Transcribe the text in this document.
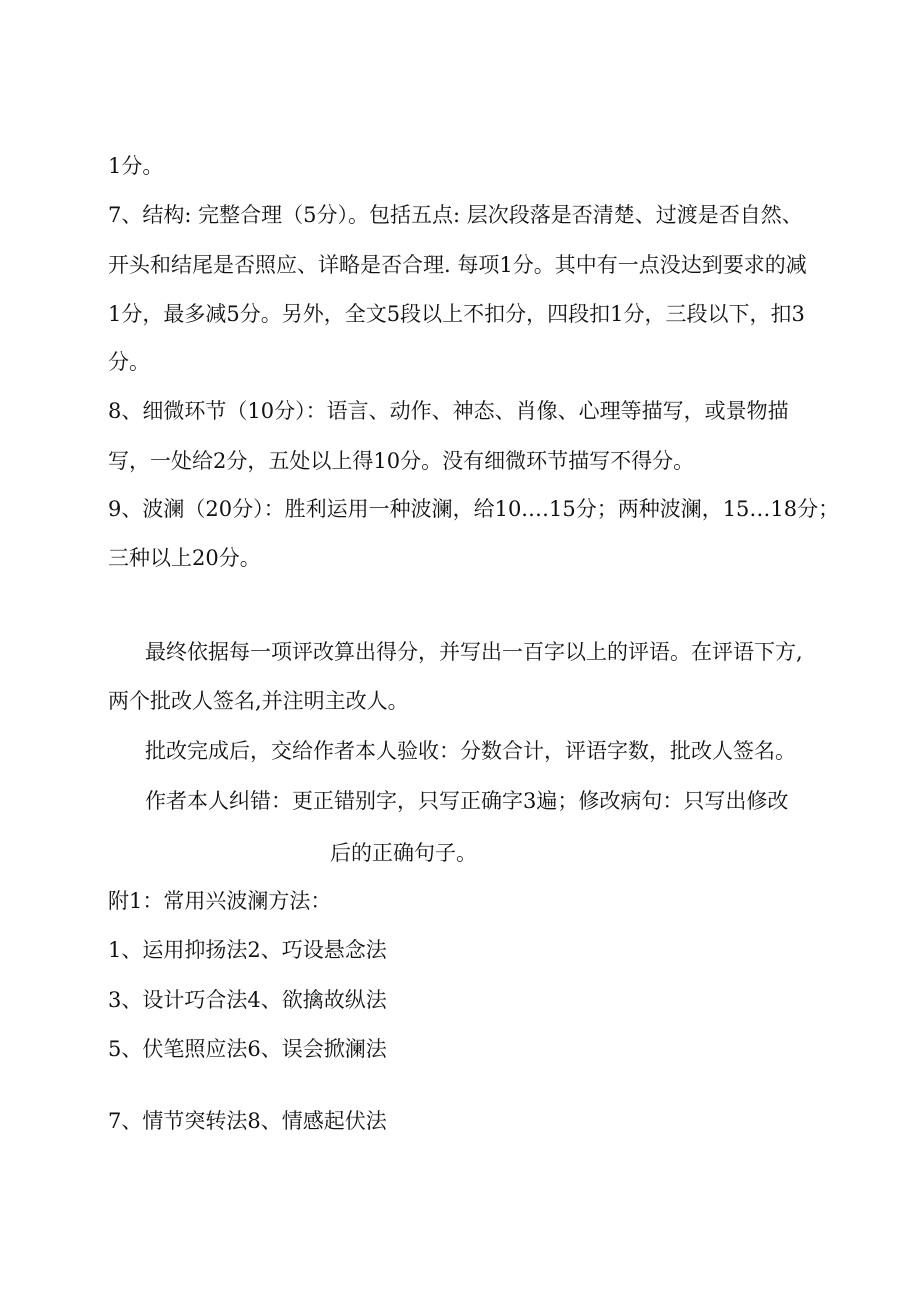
1分。

7、结构: 完整合理（5分）。包括五点: 层次段落是否清楚、过渡是否自然、

开头和结尾是否照应、详略是否合理. 每项1分。其中有一点没达到要求的减

1分，最多减5分。另外，全文5段以上不扣分，四段扣1分，三段以下，扣3

分。

8、细微环节（10分）：语言、动作、神态、肖像、心理等描写，或景物描

写，一处给2分，五处以上得10分。没有细微环节描写不得分。

9、波澜（20分）：胜利运用一种波澜，给10.…15分；两种波澜，15…18分；

三种以上20分。

最终依据每一项评改算出得分，并写出一百字以上的评语。在评语下方,

两个批改人签名,并注明主改人。

批改完成后，交给作者本人验收：分数合计，评语字数，批改人签名。

作者本人纠错：更正错别字，只写正确字3遍；修改病句：只写出修改

后的正确句子。

附1：常用兴波澜方法：

1、运用抑扬法2、巧设悬念法

3、设计巧合法4、欲擒故纵法

5、伏笔照应法6、误会掀澜法

7、情节突转法8、情感起伏法
